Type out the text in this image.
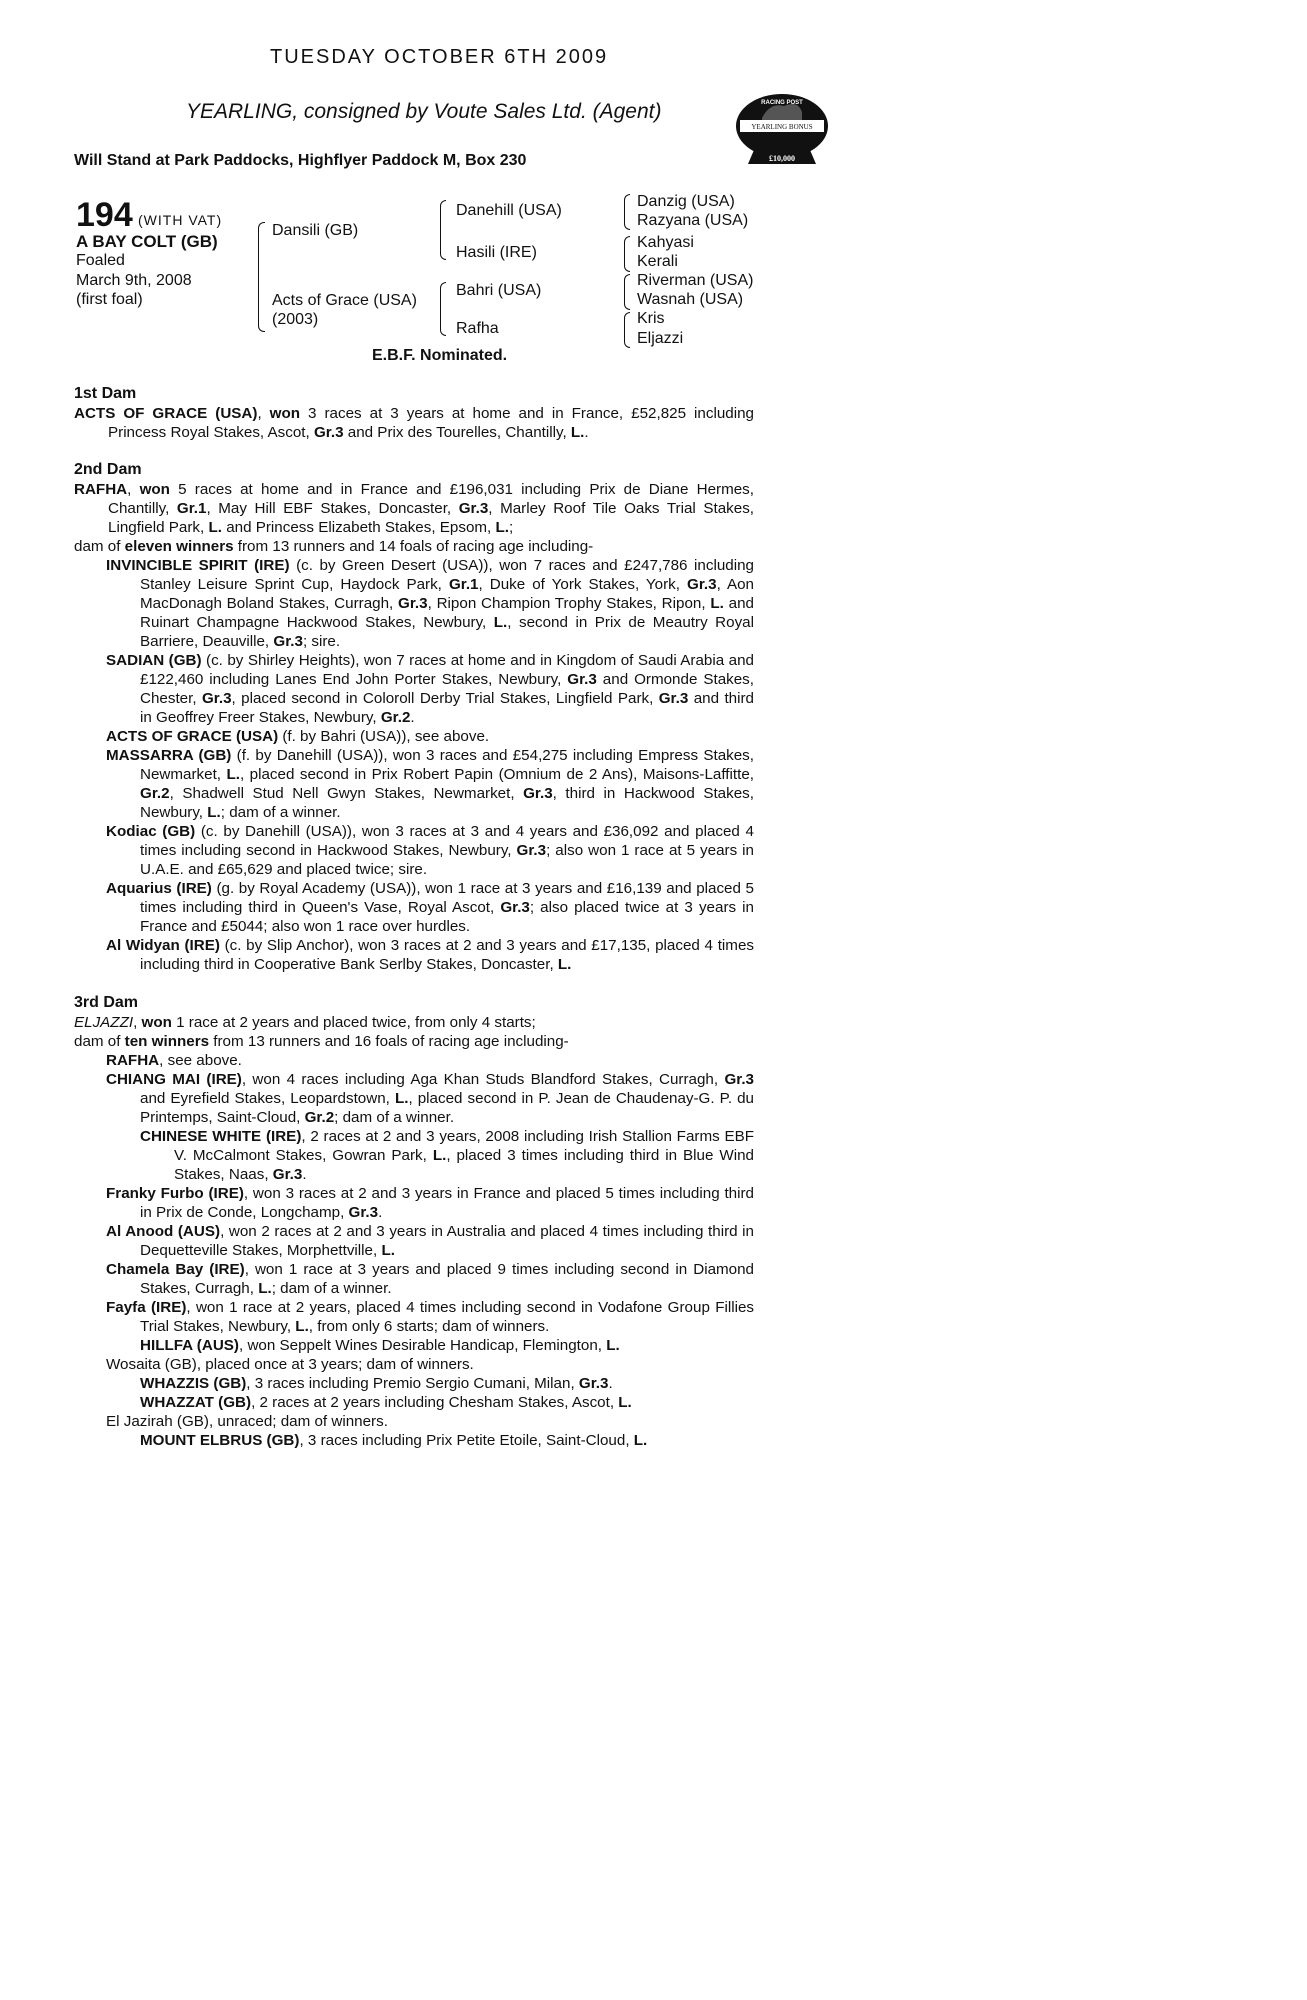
TUESDAY OCTOBER 6TH 2009
YEARLING, consigned by Voute Sales Ltd. (Agent)
Will Stand at Park Paddocks, Highflyer Paddock M, Box 230
RACING POST
YEARLING BONUS
£10,000
194 (WITH VAT)
A BAY COLT (GB)
Foaled
March 9th, 2008
(first foal)
Dansili (GB)
Acts of Grace (USA)
(2003)
Danehill (USA)
Hasili (IRE)
Bahri (USA)
Rafha
Danzig (USA)
Razyana (USA)
Kahyasi
Kerali
Riverman (USA)
Wasnah (USA)
Kris
Eljazzi
E.B.F. Nominated.
1st Dam

ACTS OF GRACE (USA), won 3 races at 3 years at home and in France, £52,825 including Princess Royal Stakes, Ascot, Gr.3 and Prix des Tourelles, Chantilly, L..

2nd Dam

RAFHA, won 5 races at home and in France and £196,031 including Prix de Diane Hermes, Chantilly, Gr.1, May Hill EBF Stakes, Doncaster, Gr.3, Marley Roof Tile Oaks Trial Stakes, Lingfield Park, L. and Princess Elizabeth Stakes, Epsom, L.;

dam of eleven winners from 13 runners and 14 foals of racing age including-

INVINCIBLE SPIRIT (IRE) (c. by Green Desert (USA)), won 7 races and £247,786 including Stanley Leisure Sprint Cup, Haydock Park, Gr.1, Duke of York Stakes, York, Gr.3, Aon MacDonagh Boland Stakes, Curragh, Gr.3, Ripon Champion Trophy Stakes, Ripon, L. and Ruinart Champagne Hackwood Stakes, Newbury, L., second in Prix de Meautry Royal Barriere, Deauville, Gr.3; sire.

SADIAN (GB) (c. by Shirley Heights), won 7 races at home and in Kingdom of Saudi Arabia and £122,460 including Lanes End John Porter Stakes, Newbury, Gr.3 and Ormonde Stakes, Chester, Gr.3, placed second in Coloroll Derby Trial Stakes, Lingfield Park, Gr.3 and third in Geoffrey Freer Stakes, Newbury, Gr.2.

ACTS OF GRACE (USA) (f. by Bahri (USA)), see above.

MASSARRA (GB) (f. by Danehill (USA)), won 3 races and £54,275 including Empress Stakes, Newmarket, L., placed second in Prix Robert Papin (Omnium de 2 Ans), Maisons-Laffitte, Gr.2, Shadwell Stud Nell Gwyn Stakes, Newmarket, Gr.3, third in Hackwood Stakes, Newbury, L.; dam of a winner.

Kodiac (GB) (c. by Danehill (USA)), won 3 races at 3 and 4 years and £36,092 and placed 4 times including second in Hackwood Stakes, Newbury, Gr.3; also won 1 race at 5 years in U.A.E. and £65,629 and placed twice; sire.

Aquarius (IRE) (g. by Royal Academy (USA)), won 1 race at 3 years and £16,139 and placed 5 times including third in Queen's Vase, Royal Ascot, Gr.3; also placed twice at 3 years in France and £5044; also won 1 race over hurdles.

Al Widyan (IRE) (c. by Slip Anchor), won 3 races at 2 and 3 years and £17,135, placed 4 times including third in Cooperative Bank Serlby Stakes, Doncaster, L.

3rd Dam

ELJAZZI, won 1 race at 2 years and placed twice, from only 4 starts;

dam of ten winners from 13 runners and 16 foals of racing age including-

RAFHA, see above.

CHIANG MAI (IRE), won 4 races including Aga Khan Studs Blandford Stakes, Curragh, Gr.3 and Eyrefield Stakes, Leopardstown, L., placed second in P. Jean de Chaudenay-G. P. du Printemps, Saint-Cloud, Gr.2; dam of a winner.

CHINESE WHITE (IRE), 2 races at 2 and 3 years, 2008 including Irish Stallion Farms EBF V. McCalmont Stakes, Gowran Park, L., placed 3 times including third in Blue Wind Stakes, Naas, Gr.3.

Franky Furbo (IRE), won 3 races at 2 and 3 years in France and placed 5 times including third in Prix de Conde, Longchamp, Gr.3.

Al Anood (AUS), won 2 races at 2 and 3 years in Australia and placed 4 times including third in Dequetteville Stakes, Morphettville, L.

Chamela Bay (IRE), won 1 race at 3 years and placed 9 times including second in Diamond Stakes, Curragh, L.; dam of a winner.

Fayfa (IRE), won 1 race at 2 years, placed 4 times including second in Vodafone Group Fillies Trial Stakes, Newbury, L., from only 6 starts; dam of winners.

HILLFA (AUS), won Seppelt Wines Desirable Handicap, Flemington, L.

Wosaita (GB), placed once at 3 years; dam of winners.

WHAZZIS (GB), 3 races including Premio Sergio Cumani, Milan, Gr.3.

WHAZZAT (GB), 2 races at 2 years including Chesham Stakes, Ascot, L.

El Jazirah (GB), unraced; dam of winners.

MOUNT ELBRUS (GB), 3 races including Prix Petite Etoile, Saint-Cloud, L.
